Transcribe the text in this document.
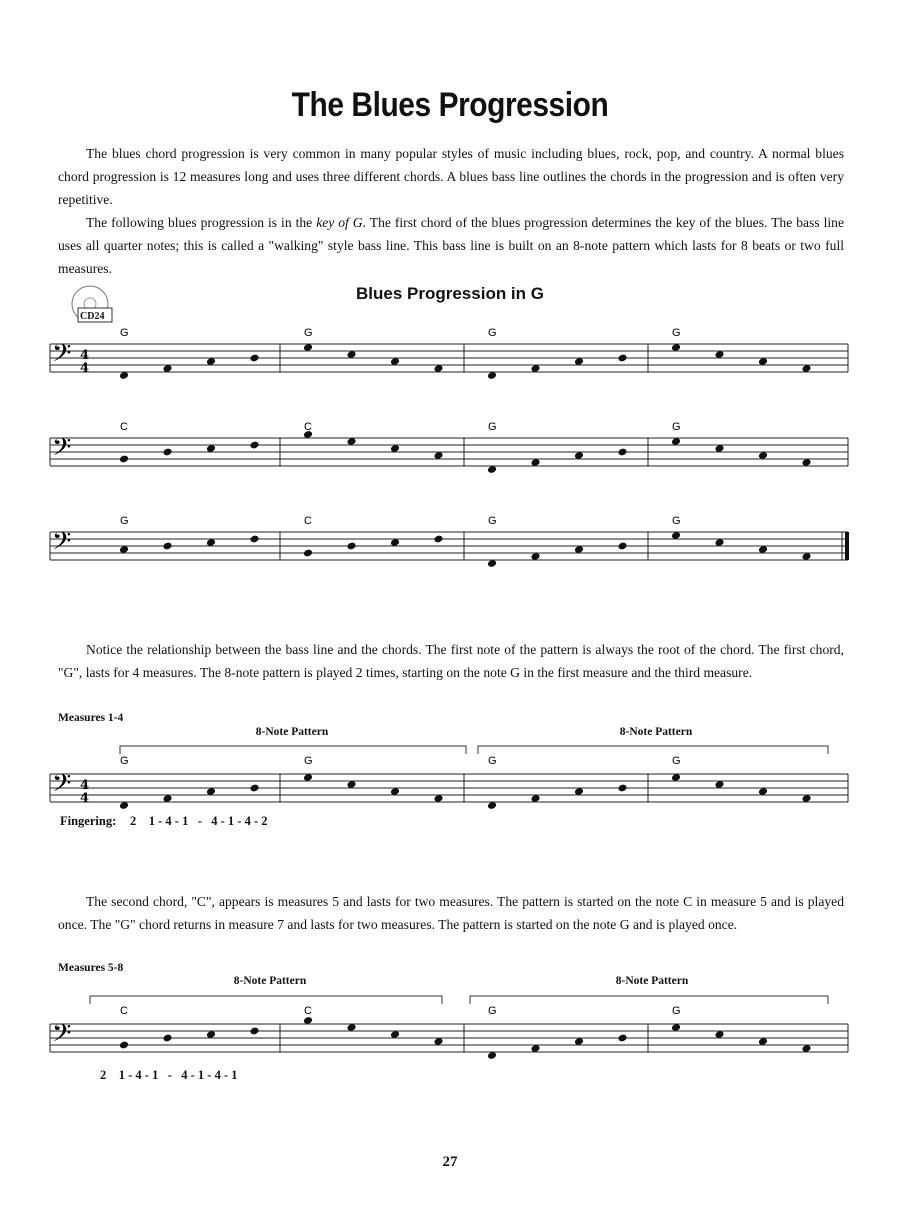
The Blues Progression

The blues chord progression is very common in many popular styles of music including blues, rock, pop, and country. A normal blues chord progression is 12 measures long and uses three different chords. A blues bass line outlines the chords in the progression and is often very repetitive.

The following blues progression is in the key of G. The first chord of the blues progression determines the key of the blues. The bass line uses all quarter notes; this is called a "walking" style bass line. This bass line is built on an 8-note pattern which lasts for 8 beats or two full measures.

CD24
Blues Progression in G
𝄢 4
4
G	G	G	G
𝄢
C	C	G	G
𝄢
G	C	G	G

Notice the relationship between the bass line and the chords. The first note of the pattern is always the root of the chord. The first chord, "G", lasts for 4 measures. The 8-note pattern is played 2 times, starting on the note G in the first measure and the third measure.

Measures 1-4
8-Note Pattern	8-Note Pattern
𝄢 4
4
G	G	G	G
Fingering: 2    1 - 4 - 1   -   4 - 1 - 4 - 2

The second chord, "C", appears is measures 5 and lasts for two measures. The pattern is started on the note C in measure 5 and is played once. The "G" chord returns in measure 7 and lasts for two measures. The pattern is started on the note G and is played once.

Measures 5-8
8-Note Pattern	8-Note Pattern
𝄢
C	C	G	G
2    1 - 4 - 1   -   4 - 1 - 4 - 1
27
